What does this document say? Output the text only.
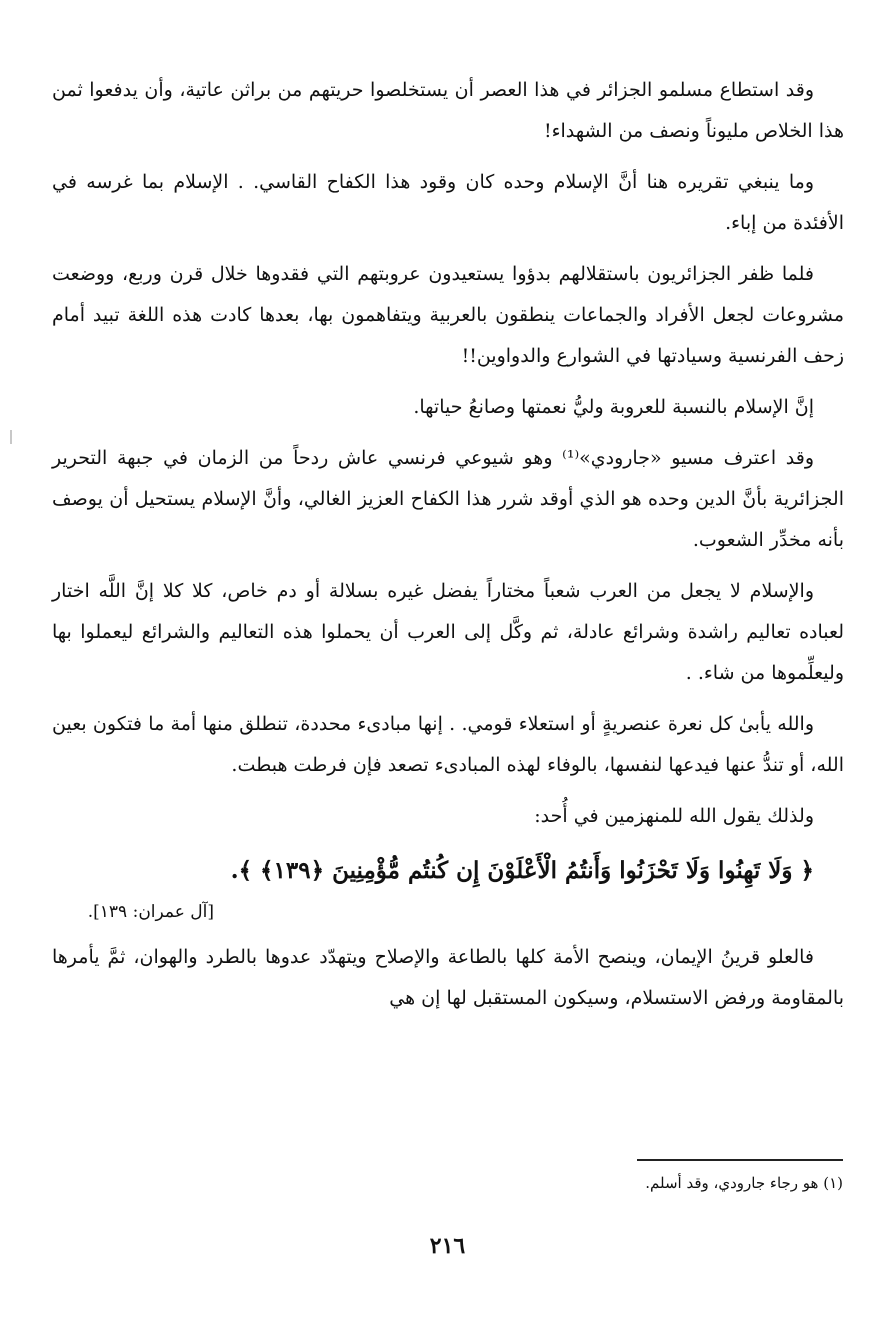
وقد استطاع مسلمو الجزائر في هذا العصر أن يستخلصوا حريتهم من براثن عاتية، وأن يدفعوا ثمن هذا الخلاص مليوناً ونصف من الشهداء!

وما ينبغي تقريره هنا أنَّ الإسلام وحده كان وقود هذا الكفاح القاسي. . الإسلام بما غرسه في الأفئدة من إباء.

فلما ظفر الجزائريون باستقلالهم بدؤوا يستعيدون عروبتهم التي فقدوها خلال قرن وربع، ووضعت مشروعات لجعل الأفراد والجماعات ينطقون بالعربية ويتفاهمون بها، بعدها كادت هذه اللغة تبيد أمام زحف الفرنسية وسيادتها في الشوارع والدواوين!!

إنَّ الإسلام بالنسبة للعروبة وليُّ نعمتها وصانعُ حياتها.

وقد اعترف مسيو «جارودي»⁽¹⁾ وهو شيوعي فرنسي عاش ردحاً من الزمان في جبهة التحرير الجزائرية بأنَّ الدين وحده هو الذي أوقد شرر هذا الكفاح العزيز الغالي، وأنَّ الإسلام يستحيل أن يوصف بأنه مخدِّر الشعوب.

والإسلام لا يجعل من العرب شعباً مختاراً يفضل غيره بسلالة أو دم خاص، كلا كلا إنَّ اللَّه اختار لعباده تعاليم راشدة وشرائع عادلة، ثم وكَّل إلى العرب أن يحملوا هذه التعاليم والشرائع ليعملوا بها وليعلِّموها من شاء. .

والله يأبىٰ كل نعرة عنصريةٍ أو استعلاء قومي. . إنها مبادىء محددة، تنطلق منها أمة ما فتكون بعين الله، أو تندُّ عنها فيدعها لنفسها، بالوفاء لهذه المبادىء تصعد فإن فرطت هبطت.

ولذلك يقول الله للمنهزمين في أُحد:

﴿ وَلَا تَهِنُوا وَلَا تَحْزَنُوا وَأَنتُمُ الْأَعْلَوْنَ إِن كُنتُم مُّؤْمِنِينَ ﴿١٣٩﴾ ﴾.

[آل عمران: ١٣٩].

فالعلو قرينُ الإيمان، وينصح الأمة كلها بالطاعة والإصلاح ويتهدّد عدوها بالطرد والهوان، ثمَّ يأمرها بالمقاومة ورفض الاستسلام، وسيكون المستقبل لها إن هي

(١) هو رجاء جارودي، وقد أسلم.
٢١٦
